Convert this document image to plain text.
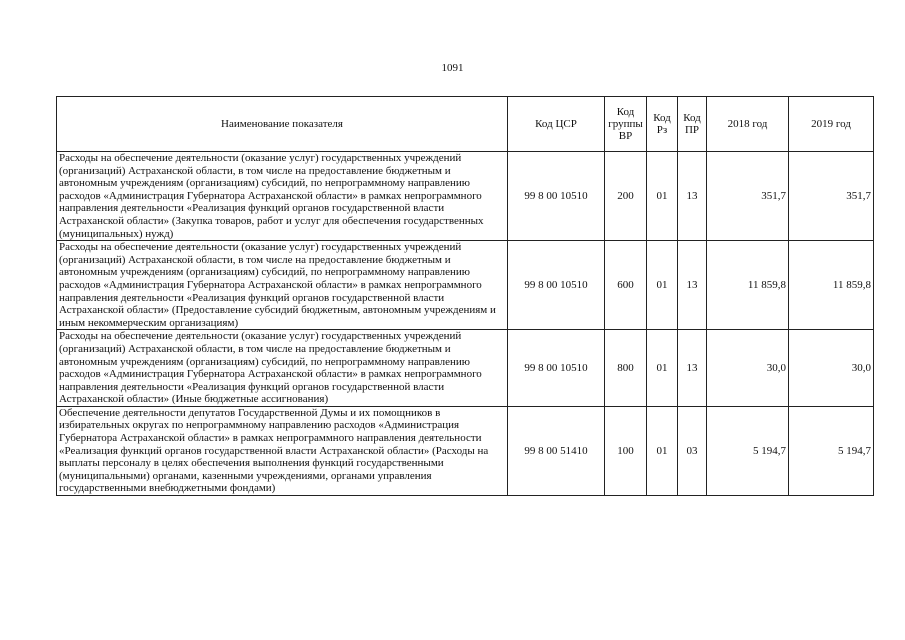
1091
Наименование показателя	Код ЦСР	Код
группы
ВР	Код
Рз	Код
ПР	2018 год	2019 год
Расходы на обеспечение деятельности (оказание услуг) государственных учреждений (организаций) Астраханской области, в том числе на предоставление бюджетным и автономным учреждениям (организациям) субсидий, по непрограммному направлению расходов «Администрация Губернатора Астраханской области» в рамках непрограммного направления деятельности «Реализация функций органов государственной власти Астраханской области» (Закупка товаров, работ и услуг для обеспечения государственных (муниципальных) нужд)	99 8 00 10510	200	01	13	351,7	351,7
Расходы на обеспечение деятельности (оказание услуг) государственных учреждений (организаций) Астраханской области, в том числе на предоставление бюджетным и автономным учреждениям (организациям) субсидий, по непрограммному направлению расходов «Администрация Губернатора Астраханской области» в рамках непрограммного направления деятельности «Реализация функций органов государственной власти Астраханской области» (Предоставление субсидий бюджетным, автономным учреждениям и иным некоммерческим организациям)	99 8 00 10510	600	01	13	11 859,8	11 859,8
Расходы на обеспечение деятельности (оказание услуг) государственных учреждений (организаций) Астраханской области, в том числе на предоставление бюджетным и автономным учреждениям (организациям) субсидий, по непрограммному направлению расходов «Администрация Губернатора Астраханской области» в рамках непрограммного направления деятельности «Реализация функций органов государственной власти Астраханской области» (Иные бюджетные ассигнования)	99 8 00 10510	800	01	13	30,0	30,0
Обеспечение деятельности депутатов Государственной Думы и их помощников в избирательных округах по непрограммному направлению расходов «Администрация Губернатора Астраханской области» в рамках непрограммного направления деятельности «Реализация функций органов государственной власти Астраханской области» (Расходы на выплаты персоналу в целях обеспечения выполнения функций государственными (муниципальными) органами, казенными учреждениями, органами управления государственными внебюджетными фондами)	99 8 00 51410	100	01	03	5 194,7	5 194,7
